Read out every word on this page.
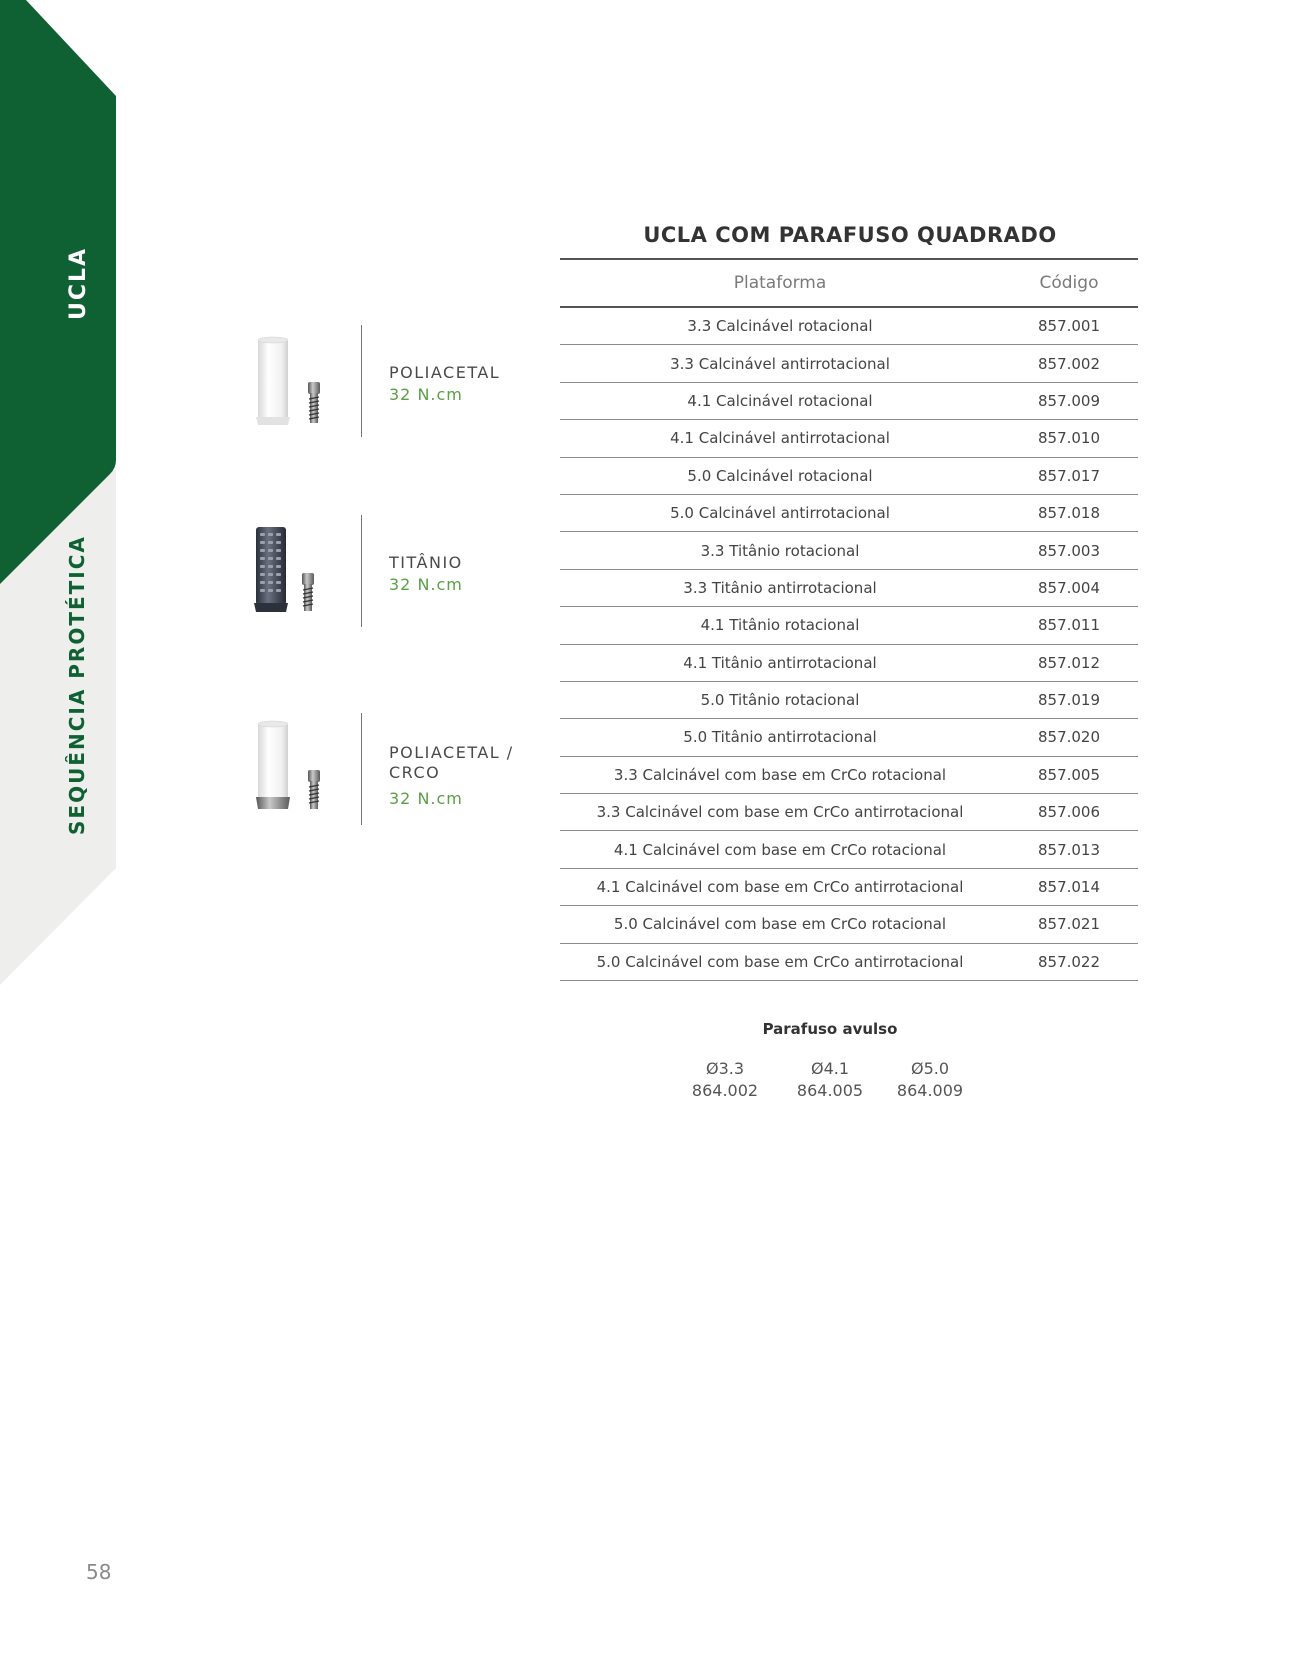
UCLA
SEQUÊNCIA PROTÉTICA
POLIACETAL
32 N.cm
TITÂNIO
32 N.cm
POLIACETAL /
CRCO
32 N.cm
UCLA COM PARAFUSO QUADRADO
Plataforma	Código
3.3 Calcinável rotacional	857.001
3.3 Calcinável antirrotacional	857.002
4.1 Calcinável rotacional	857.009
4.1 Calcinável antirrotacional	857.010
5.0 Calcinável rotacional	857.017
5.0 Calcinável antirrotacional	857.018
3.3 Titânio rotacional	857.003
3.3 Titânio antirrotacional	857.004
4.1 Titânio rotacional	857.011
4.1 Titânio antirrotacional	857.012
5.0 Titânio rotacional	857.019
5.0 Titânio antirrotacional	857.020
3.3 Calcinável com base em CrCo rotacional	857.005
3.3 Calcinável com base em CrCo antirrotacional	857.006
4.1 Calcinável com base em CrCo rotacional	857.013
4.1 Calcinável com base em CrCo antirrotacional	857.014
5.0 Calcinável com base em CrCo rotacional	857.021
5.0 Calcinável com base em CrCo antirrotacional	857.022
Parafuso avulso
Ø3.3
864.002
Ø4.1
864.005
Ø5.0
864.009
58
